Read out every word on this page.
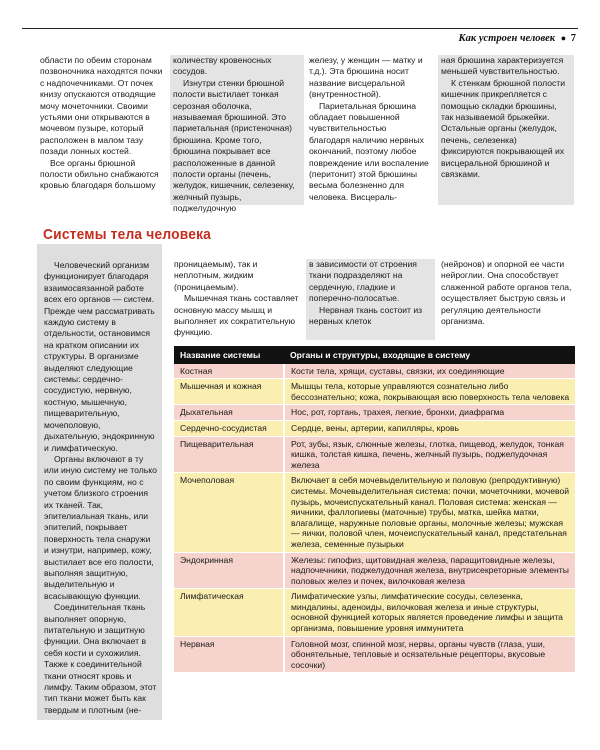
Как устроен человек ● 7

области по обеим сторонам позвоночника находятся почки с надпочечниками. От почек книзу опускаются отводящие мочу мочеточники. Своими устьями они открываются в мочевом пузыре, который расположен в малом тазу позади лонных костей.

Все органы брюшной полости обильно снабжаются кровью благодаря большому

количеству кровеносных сосудов.

Изнутри стенки брюшной полости выстилает тонкая серозная оболочка, называемая брюшиной. Это париетальная (пристеночная) брюшина. Кроме того, брюшина покрывает все расположенные в данной полости органы (печень, желудок, кишечник, селезенку, желчный пузырь, поджелудочную

железу, у женщин — матку и т.д.). Эта брюшина носит название висцеральной (внутренностной).

Париетальная брюшина обладает повышенной чувствительностью благодаря наличию нервных окончаний, поэтому любое повреждение или воспаление (перитонит) этой брюшины весьма болезненно для человека. Висцераль-

ная брюшина характеризуется меньшей чувствительностью.

К стенкам брюшной полости кишечник прикрепляется с помощью складки брюшины, так называемой брыжейки. Остальные органы (желудок, печень, селезенка) фиксируются покрывающей их висцеральной брюшиной и связками.

Системы тела человека

Человеческий организм функционирует благодаря взаимосвязанной работе всех его органов — систем. Прежде чем рассматривать каждую систему в отдельности, остановимся на кратком описании их структуры. В организме выделяют следующие системы: сердечно-сосудистую, нервную, костную, мышечную, пищеварительную, мочеполовую, дыхательную, эндокринную и лимфатическую.

Органы включают в ту или иную систему не только по своим функциям, но с учетом близкого строения их тканей. Так, эпителиальная ткань, или эпителий, покрывает поверхность тела снаружи и изнутри, например, кожу, выстилает все его полости, выполняя защитную, выделительную и всасывающую функции.

Соединительная ткань выполняет опорную, питательную и защитную функции. Она включает в себя кости и сухожилия. Также к соединительной ткани относят кровь и лимфу. Таким образом, этот тип ткани может быть как твердым и плотным (не-

проницаемым), так и неплотным, жидким (проницаемым).

Мышечная ткань составляет основную массу мышц и выполняет их сократительную функцию.

в зависимости от строения ткани подразделяют на сердечную, гладкие и поперечно-полосатые.

Нервная ткань состоит из нервных клеток

(нейронов) и опорной ее части нейроглии. Она способствует слаженной работе органов тела, осуществляет быструю связь и регуляцию деятельности организма.

Название системы	Органы и структуры, входящие в систему
Костная	Кости тела, хрящи, суставы, связки, их соединяющие
Мышечная и кожная	Мышцы тела, которые управляются сознательно либо бессознательно; кожа, покрывающая всю поверхность тела человека
Дыхательная	Нос, рот, гортань, трахея, легкие, бронхи, диафрагма
Сердечно-сосудистая	Сердце, вены, артерии, капилляры, кровь
Пищеварительная	Рот, зубы, язык, слюнные железы, глотка, пищевод, желудок, тонкая кишка, толстая кишка, печень, желчный пузырь, поджелудочная железа
Мочеполовая	Включает в себя мочевыделительную и половую (репродуктивную) системы. Мочевыделительная система: почки, мочеточники, мочевой пузырь, мочеиспускательный канал. Половая система: женская — яичники, фаллопиевы (маточные) трубы, матка, шейка матки, влагалище, наружные половые органы, молочные железы; мужская — яички, половой член, мочеиспускательный канал, предстательная железа, семенные пузырьки
Эндокринная	Железы: гипофиз, щитовидная железа, паращитовидные железы, надпочечники, поджелудочная железа, внутрисекреторные элементы половых желез и почек, вилочковая железа
Лимфатическая	Лимфатические узлы, лимфатические сосуды, селезенка, миндалины, аденоиды, вилочковая железа и иные структуры, основной функцией которых является проведение лимфы и защита организма, повышение уровня иммунитета
Нервная	Головной мозг, спинной мозг, нервы, органы чувств (глаза, уши, обонятельные, тепловые и осязательные рецепторы, вкусовые сосочки)
